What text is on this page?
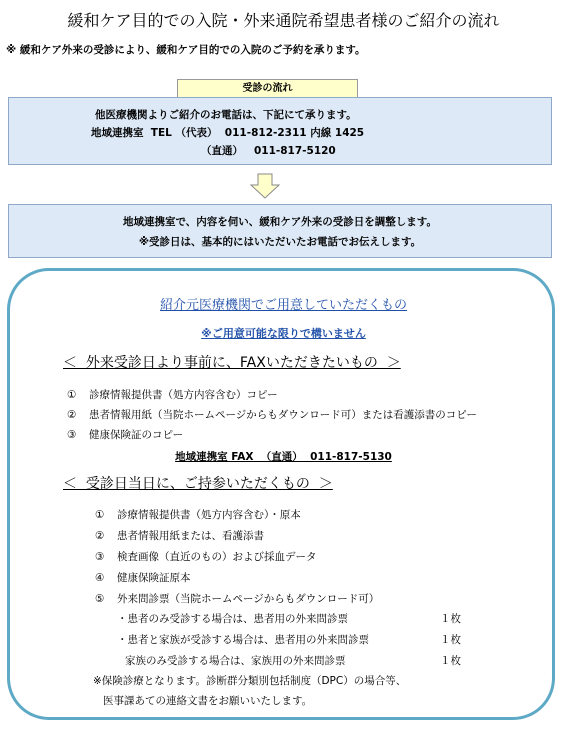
緩和ケア目的での入院・外来通院希望患者様のご紹介の流れ
※ 緩和ケア外来の受診により、緩和ケア目的での入院のご予約を承ります。
受診の流れ
他医療機関よりご紹介のお電話は、下記にて承ります。
地域連携室  TEL （代表）  011-812-2311 内線 1425
（直通）   011-817-5120
地域連携室で、内容を伺い、緩和ケア外来の受診日を調整します。
※受診日は、基本的にはいただいたお電話でお伝えします。
紹介元医療機関でご用意していただくもの
※ご用意可能な限りで構いません
＜  外来受診日より事前に、FAXいただきたいもの  ＞
① 診療情報提供書（処方内容含む）コピー
② 患者情報用紙（当院ホームページからもダウンロード可）または看護添書のコピー
③ 健康保険証のコピー
地域連携室 FAX  （直通）  011-817-5130
＜  受診日当日に、ご持参いただくもの  ＞
① 診療情報提供書（処方内容含む）・原本
② 患者情報用紙または、看護添書
③ 検査画像（直近のもの）および採血データ
④ 健康保険証原本
⑤ 外来問診票（当院ホームページからもダウンロード可）
・患者のみ受診する場合は、患者用の外来問診票	１枚
・患者と家族が受診する場合は、患者用の外来問診票	１枚
家族のみ受診する場合は、家族用の外来問診票	１枚
※保険診療となります。診断群分類別包括制度（DPC）の場合等、
医事課あての連絡文書をお願いいたします。
